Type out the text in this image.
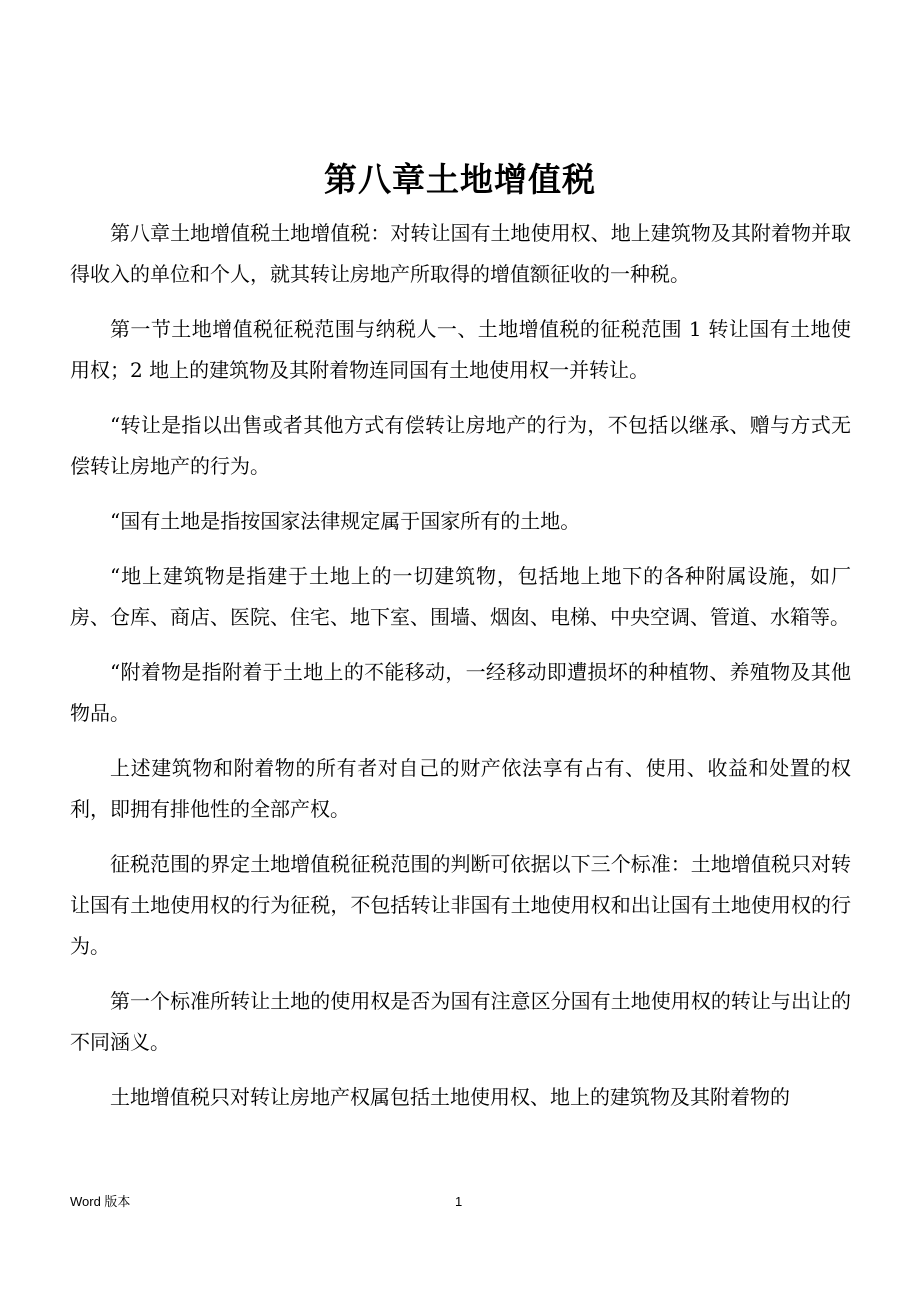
第八章土地增值税

第八章土地增值税土地增值税：对转让国有土地使用权、地上建筑物及其附着物并取得收入的单位和个人，就其转让房地产所取得的增值额征收的一种税。

第一节土地增值税征税范围与纳税人一、土地增值税的征税范围 1 转让国有土地使用权；2 地上的建筑物及其附着物连同国有土地使用权一并转让。

“转让是指以出售或者其他方式有偿转让房地产的行为，不包括以继承、赠与方式无偿转让房地产的行为。

“国有土地是指按国家法律规定属于国家所有的土地。

“地上建筑物是指建于土地上的一切建筑物，包括地上地下的各种附属设施，如厂房、仓库、商店、医院、住宅、地下室、围墙、烟囱、电梯、中央空调、管道、水箱等。

“附着物是指附着于土地上的不能移动，一经移动即遭损坏的种植物、养殖物及其他物品。

上述建筑物和附着物的所有者对自己的财产依法享有占有、使用、收益和处置的权利，即拥有排他性的全部产权。

征税范围的界定土地增值税征税范围的判断可依据以下三个标准：土地增值税只对转让国有土地使用权的行为征税，不包括转让非国有土地使用权和出让国有土地使用权的行为。

第一个标准所转让土地的使用权是否为国有注意区分国有土地使用权的转让与出让的不同涵义。

土地增值税只对转让房地产权属包括土地使用权、地上的建筑物及其附着物的

Word 版本	1
